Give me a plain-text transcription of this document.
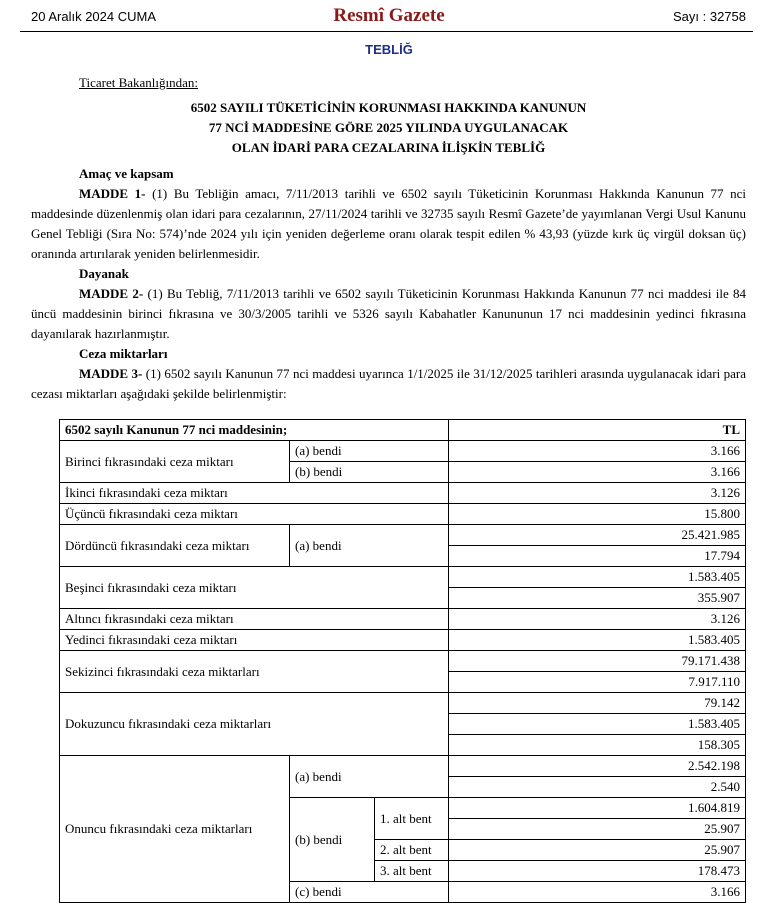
20 Aralık 2024 CUMA	Resmî Gazete	Sayı : 32758
TEBLİĞ
Ticaret Bakanlığından:
6502 SAYILI TÜKETİCİNİN KORUNMASI HAKKINDA KANUNUN
77 NCİ MADDESİNE GÖRE 2025 YILINDA UYGULANACAK
OLAN İDARİ PARA CEZALARINA İLİŞKİN TEBLİĞ
Amaç ve kapsam
MADDE 1- (1) Bu Tebliğin amacı, 7/11/2013 tarihli ve 6502 sayılı Tüketicinin Korunması Hakkında Kanunun 77 nci maddesinde düzenlenmiş olan idari para cezalarının, 27/11/2024 tarihli ve 32735 sayılı Resmî Gazete’de yayımlanan Vergi Usul Kanunu Genel Tebliği (Sıra No: 574)’nde 2024 yılı için yeniden değerleme oranı olarak tespit edilen % 43,93 (yüzde kırk üç virgül doksan üç) oranında artırılarak yeniden belirlenmesidir.
Dayanak
MADDE 2- (1) Bu Tebliğ, 7/11/2013 tarihli ve 6502 sayılı Tüketicinin Korunması Hakkında Kanunun 77 nci maddesi ile 84 üncü maddesinin birinci fıkrasına ve 30/3/2005 tarihli ve 5326 sayılı Kabahatler Kanununun 17 nci maddesinin yedinci fıkrasına dayanılarak hazırlanmıştır.
Ceza miktarları
MADDE 3- (1) 6502 sayılı Kanunun 77 nci maddesi uyarınca 1/1/2025 ile 31/12/2025 tarihleri arasında uygulanacak idari para cezası miktarları aşağıdaki şekilde belirlenmiştir:
6502 sayılı Kanunun 77 nci maddesinin;			TL
Birinci fıkrasındaki ceza miktarı	(a) bendi		3.166
	(b) bendi		3.166
İkinci fıkrasındaki ceza miktarı			3.126
Üçüncü fıkrasındaki ceza miktarı			15.800
Dördüncü fıkrasındaki ceza miktarı	(a) bendi		25.421.985
			17.794
Beşinci fıkrasındaki ceza miktarı			1.583.405
			355.907
Altıncı fıkrasındaki ceza miktarı			3.126
Yedinci fıkrasındaki ceza miktarı			1.583.405
Sekizinci fıkrasındaki ceza miktarları			79.171.438
			7.917.110
Dokuzuncu fıkrasındaki ceza miktarları			79.142
			1.583.405
			158.305
Onuncu fıkrasındaki ceza miktarları	(a) bendi		2.542.198
			2.540
	(b) bendi	1. alt bent	1.604.819
			25.907
		2. alt bent	25.907
		3. alt bent	178.473
	(c) bendi		3.166
